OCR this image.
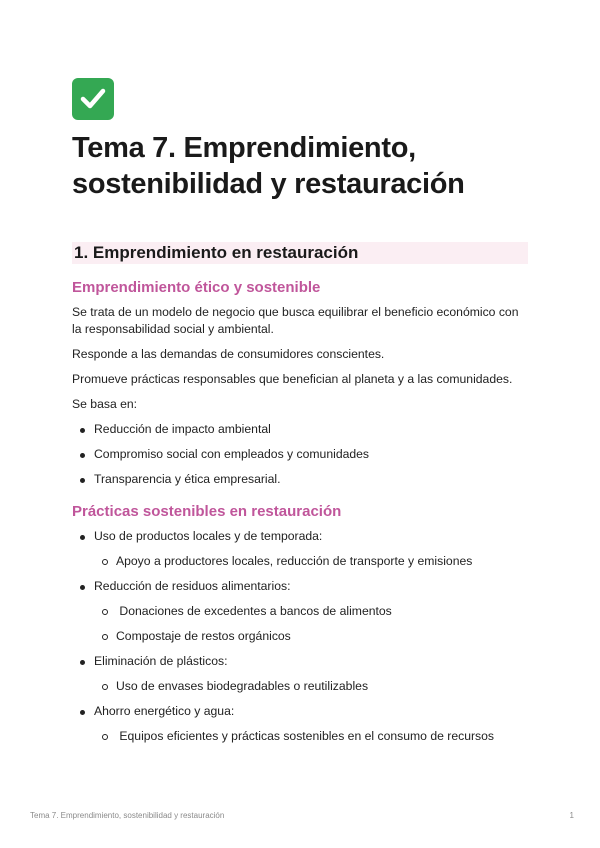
Tema 7. Emprendimiento, sostenibilidad y restauración
1. Emprendimiento en restauración
Emprendimiento ético y sostenible

Se trata de un modelo de negocio que busca equilibrar el beneficio económico con la responsabilidad social y ambiental.

Responde a las demandas de consumidores conscientes.

Promueve prácticas responsables que benefician al planeta y a las comunidades.

Se basa en:

Reducción de impacto ambiental
Compromiso social con empleados y comunidades
Transparencia y ética empresarial.
Prácticas sostenibles en restauración
Uso de productos locales y de temporada:
Apoyo a productores locales, reducción de transporte y emisiones
Reducción de residuos alimentarios:
Donaciones de excedentes a bancos de alimentos
Compostaje de restos orgánicos
Eliminación de plásticos:
Uso de envases biodegradables o reutilizables
Ahorro energético y agua:
Equipos eficientes y prácticas sostenibles en el consumo de recursos
Tema 7. Emprendimiento, sostenibilidad y restauración	1
